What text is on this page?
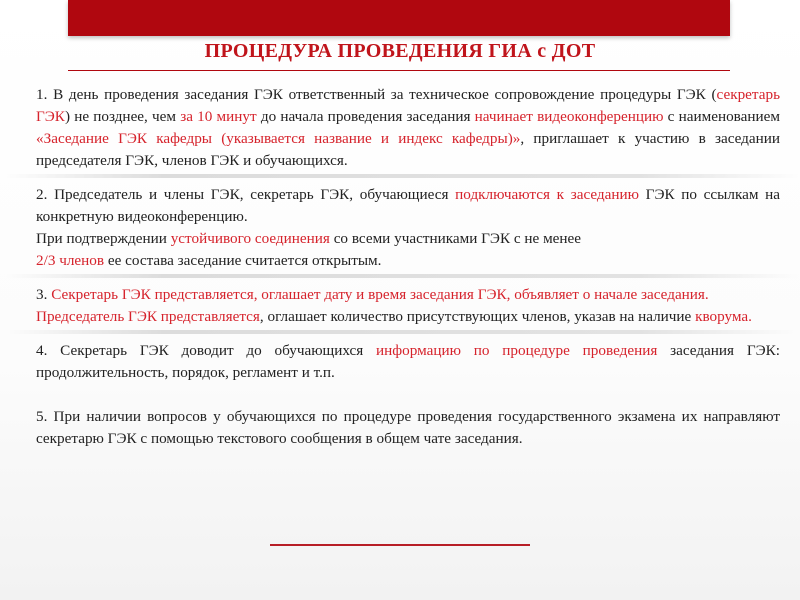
ПРОЦЕДУРА ПРОВЕДЕНИЯ ГИА с ДОТ

1. В день проведения заседания ГЭК ответственный за техническое сопровождение процедуры ГЭК (секретарь ГЭК) не позднее, чем за 10 минут до начала проведения заседания начинает видеоконференцию с наименованием «Заседание ГЭК кафедры (указывается название и индекс кафедры)», приглашает к участию в заседании председателя ГЭК, членов ГЭК и обучающихся.

2. Председатель и члены ГЭК, секретарь ГЭК, обучающиеся подключаются к заседанию ГЭК по ссылкам на конкретную видеоконференцию.

При подтверждении устойчивого соединения со всеми участниками ГЭК с не менее
2/3 членов ее состава заседание считается открытым.

3. Секретарь ГЭК представляется, оглашает дату и время заседания ГЭК, объявляет о начале заседания.

Председатель ГЭК представляется, оглашает количество присутствующих членов, указав на наличие кворума.

4. Секретарь ГЭК доводит до обучающихся информацию по процедуре проведения заседания ГЭК: продолжительность, порядок, регламент и т.п.

5. При наличии вопросов у обучающихся по процедуре проведения государственного экзамена их направляют секретарю ГЭК с помощью текстового сообщения в общем чате заседания.
